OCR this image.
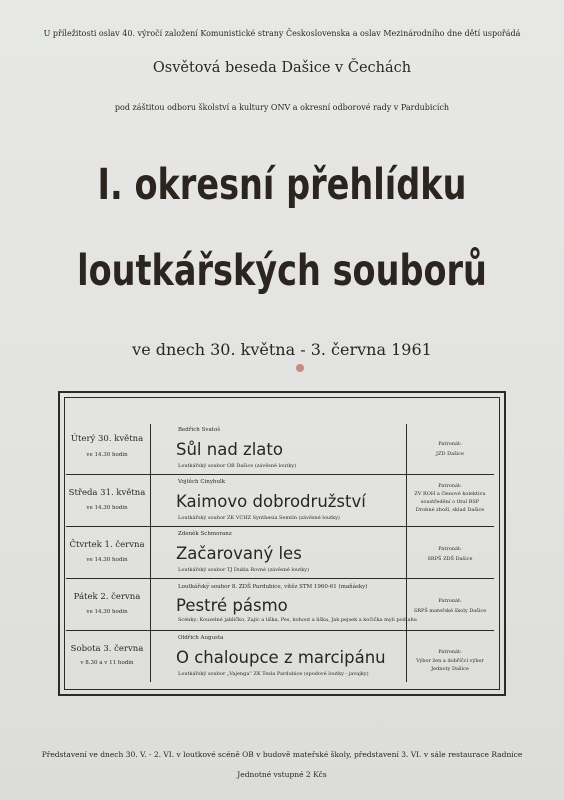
U příležitosti oslav 40. výročí založení Komunistické strany Československa a oslav Mezinárodního dne dětí uspořádá
Osvětová beseda Dašice v Čechách
pod záštitou odboru školství a kultury ONV a okresní odborové rady v Pardubicích
I. okresní přehlídku
loutkářských souborů
ve dnech 30. května - 3. června 1961
Úterý 30. května
ve 14.30 hodin
Bedřich Svatoš
Sůl nad zlato
Loutkářský soubor OB Dašice (závěsné loutky)
Patronát:
JZD Dašice
Středa 31. května
ve 14.30 hodin
Vojtěch Cinybulk
Kaimovo dobrodružství
Loutkářský soubor ZK VCHZ Synthesia Semtín (závěsné loutky)
Patronát:
ZV ROH a členové kolektivu
soustředění o titul BSP
Drobné zboží, sklad Dašice
Čtvrtek 1. června
ve 14.30 hodin
Zdeněk Schmoranz
Začarovaný les
Loutkářský soubor TJ Dukla Rovné (závěsné loutky)
Patronát:
SRPŠ ZDŠ Dašice
Pátek 2. června
ve 14.30 hodin
Loutkářský soubor 8. ZDŠ Pardubice, vítěz STM 1960-61 (maňásky)
Pestré pásmo
Scénky: Kouzelné jablíčko, Zajíc a liška, Pes, kohout a liška, Jak pejsek a kočička myli podlahu
Patronát:
SRPŠ mateřské školy Dašice
Sobota 3. června
v 8.30 a v 11 hodin
Oldřich Augusta
O chaloupce z marcipánu
Loutkářský soubor „Vajenga“ ZK Tesla Pardubice (spodové loutky - javajky)
Patronát:
Výbor žen a dobříčcí výbor
Jednoty Dašice
Představení ve dnech 30. V. - 2. VI. v loutkové scéně OB v budově mateřské školy, představení 3. VI. v sále restaurace Radnice
Jednotné vstupné 2 Kčs
